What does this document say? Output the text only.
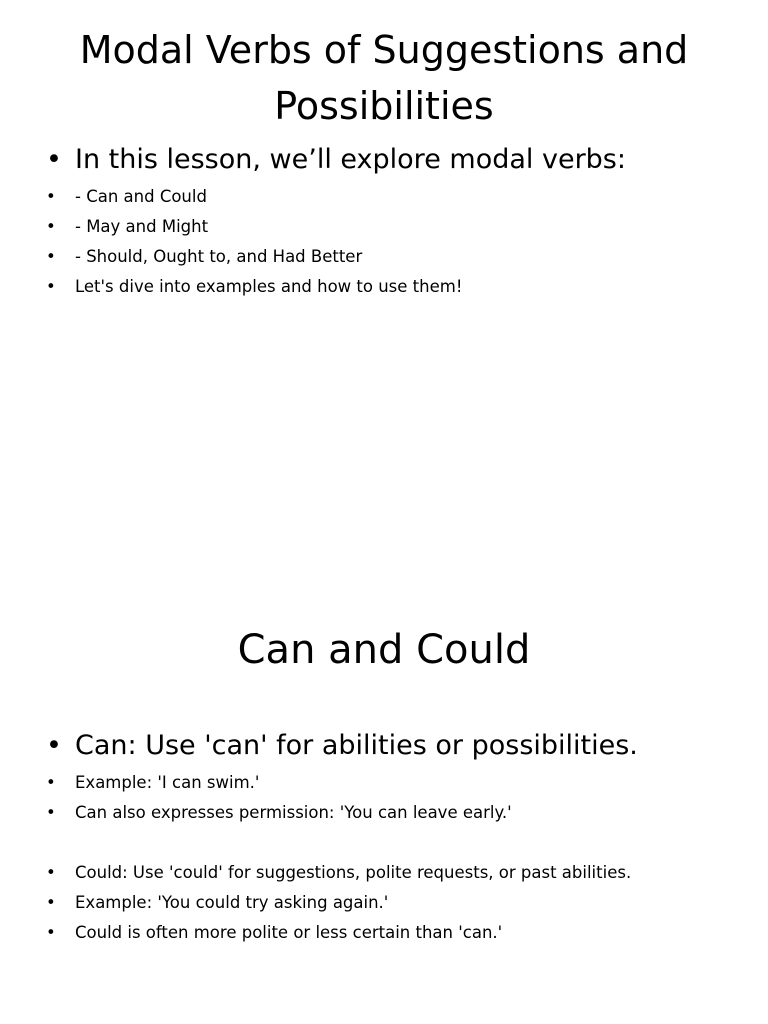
Modal Verbs of Suggestions and
Possibilities
• In this lesson, we’ll explore modal verbs:
• - Can and Could
• - May and Might
• - Should, Ought to, and Had Better
• Let's dive into examples and how to use them!
Can and Could
• Can: Use 'can' for abilities or possibilities.
• Example: 'I can swim.'
• Can also expresses permission: 'You can leave early.'
• Could: Use 'could' for suggestions, polite requests, or past abilities.
• Example: 'You could try asking again.'
• Could is often more polite or less certain than 'can.'
